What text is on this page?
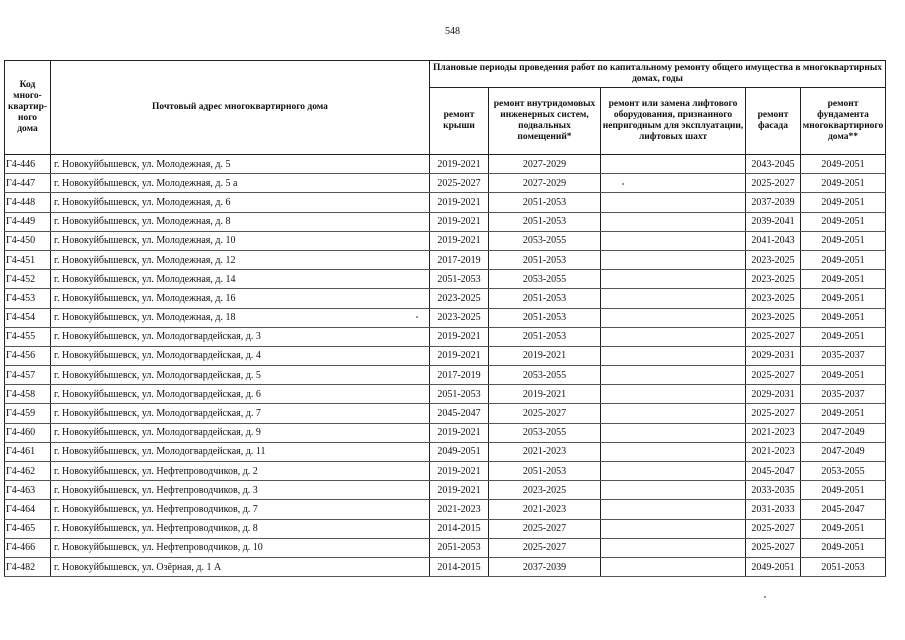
548
Код
много-
квартир-
ного
дома	Почтовый адрес многоквартирного дома	Плановые периоды проведения работ по капитальному ремонту общего имущества в многоквартирных домах, годы				
		ремонт крыши	ремонт внутридомовых инженерных систем, подвальных помещений*	ремонт или замена лифтового оборудования, признанного непригодным для эксплуатации, лифтовых шахт	ремонт фасада	ремонт фундамента многоквартирного дома**
Г4-446	г. Новокуйбышевск, ул. Молодежная, д. 5	2019-2021	2027-2029		2043-2045	2049-2051
Г4-447	г. Новокуйбышевск, ул. Молодежная, д. 5 а	2025-2027	2027-2029		2025-2027	2049-2051
Г4-448	г. Новокуйбышевск, ул. Молодежная, д. 6	2019-2021	2051-2053		2037-2039	2049-2051
Г4-449	г. Новокуйбышевск, ул. Молодежная, д. 8	2019-2021	2051-2053		2039-2041	2049-2051
Г4-450	г. Новокуйбышевск, ул. Молодежная, д. 10	2019-2021	2053-2055		2041-2043	2049-2051
Г4-451	г. Новокуйбышевск, ул. Молодежная, д. 12	2017-2019	2051-2053		2023-2025	2049-2051
Г4-452	г. Новокуйбышевск, ул. Молодежная, д. 14	2051-2053	2053-2055		2023-2025	2049-2051
Г4-453	г. Новокуйбышевск, ул. Молодежная, д. 16	2023-2025	2051-2053		2023-2025	2049-2051
Г4-454	г. Новокуйбышевск, ул. Молодежная, д. 18	2023-2025	2051-2053		2023-2025	2049-2051
Г4-455	г. Новокуйбышевск, ул. Молодогвардейская, д. 3	2019-2021	2051-2053		2025-2027	2049-2051
Г4-456	г. Новокуйбышевск, ул. Молодогвардейская, д. 4	2019-2021	2019-2021		2029-2031	2035-2037
Г4-457	г. Новокуйбышевск, ул. Молодогвардейская, д. 5	2017-2019	2053-2055		2025-2027	2049-2051
Г4-458	г. Новокуйбышевск, ул. Молодогвардейская, д. 6	2051-2053	2019-2021		2029-2031	2035-2037
Г4-459	г. Новокуйбышевск, ул. Молодогвардейская, д. 7	2045-2047	2025-2027		2025-2027	2049-2051
Г4-460	г. Новокуйбышевск, ул. Молодогвардейская, д. 9	2019-2021	2053-2055		2021-2023	2047-2049
Г4-461	г. Новокуйбышевск, ул. Молодогвардейская, д. 11	2049-2051	2021-2023		2021-2023	2047-2049
Г4-462	г. Новокуйбышевск, ул. Нефтепроводчиков, д. 2	2019-2021	2051-2053		2045-2047	2053-2055
Г4-463	г. Новокуйбышевск, ул. Нефтепроводчиков, д. 3	2019-2021	2023-2025		2033-2035	2049-2051
Г4-464	г. Новокуйбышевск, ул. Нефтепроводчиков, д. 7	2021-2023	2021-2023		2031-2033	2045-2047
Г4-465	г. Новокуйбышевск, ул. Нефтепроводчиков, д. 8	2014-2015	2025-2027		2025-2027	2049-2051
Г4-466	г. Новокуйбышевск, ул. Нефтепроводчиков, д. 10	2051-2053	2025-2027		2025-2027	2049-2051
Г4-482	г. Новокуйбышевск, ул. Озёрная, д. 1 А	2014-2015	2037-2039		2049-2051	2051-2053
